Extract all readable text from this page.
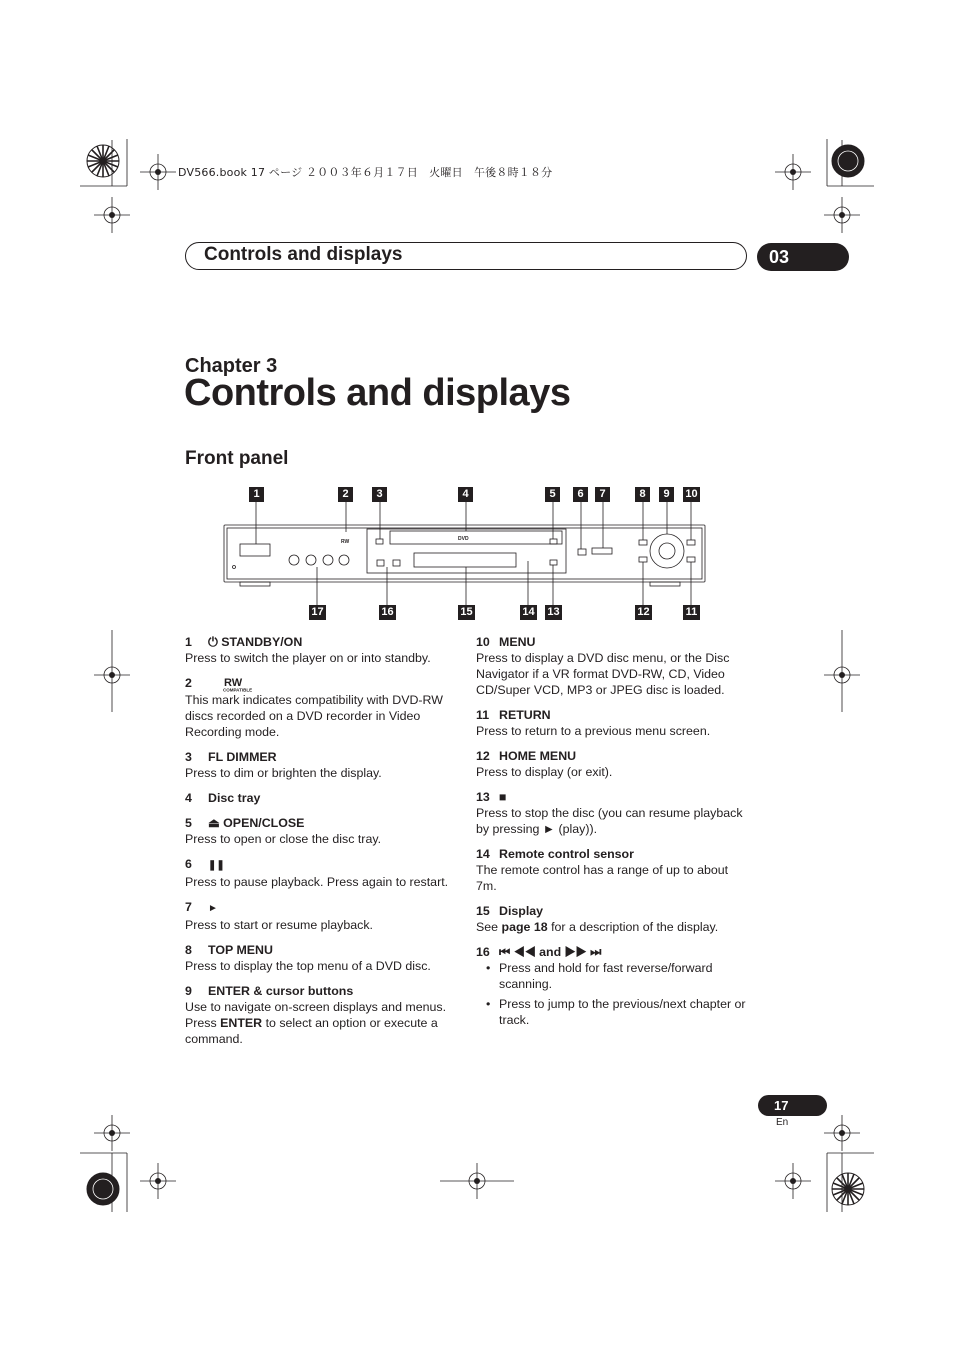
DV566.book 17 ページ ２００３年６月１７日　火曜日　午後８時１８分
Controls and displays	03
Chapter 3
Controls and displays
Front panel
RW	DVD
1	2	3	4	5	6	7	8	9	10
17	16	15	14 13	12	11
1 ⏻ STANDBY/ON

Press to switch the player on or into standby.

2	RW
COMPATIBLE

This mark indicates compatibility with DVD-RW discs recorded on a DVD recorder in Video Recording mode.

3 FL DIMMER

Press to dim or brighten the display.

4 Disc tray
5 ⏏ OPEN/CLOSE

Press to open or close the disc tray.

6 ❚❚

Press to pause playback. Press again to restart.

7 ►

Press to start or resume playback.

8 TOP MENU

Press to display the top menu of a DVD disc.

9 ENTER & cursor buttons

Use to navigate on-screen displays and menus. Press ENTER to select an option or execute a command.

10 MENU

Press to display a DVD disc menu, or the Disc Navigator if a VR format DVD-RW, CD, Video CD/Super VCD, MP3 or JPEG disc is loaded.

11 RETURN

Press to return to a previous menu screen.

12 HOME MENU

Press to display (or exit).

13 ■

Press to stop the disc (you can resume playback by pressing ► (play)).

14 Remote control sensor

The remote control has a range of up to about 7m.

15 Display

See page 18 for a description of the display.

16 ⏮ ◀◀ and ▶▶ ⏭
• Press and hold for fast reverse/forward scanning.
• Press to jump to the previous/next chapter or track.
17
En
